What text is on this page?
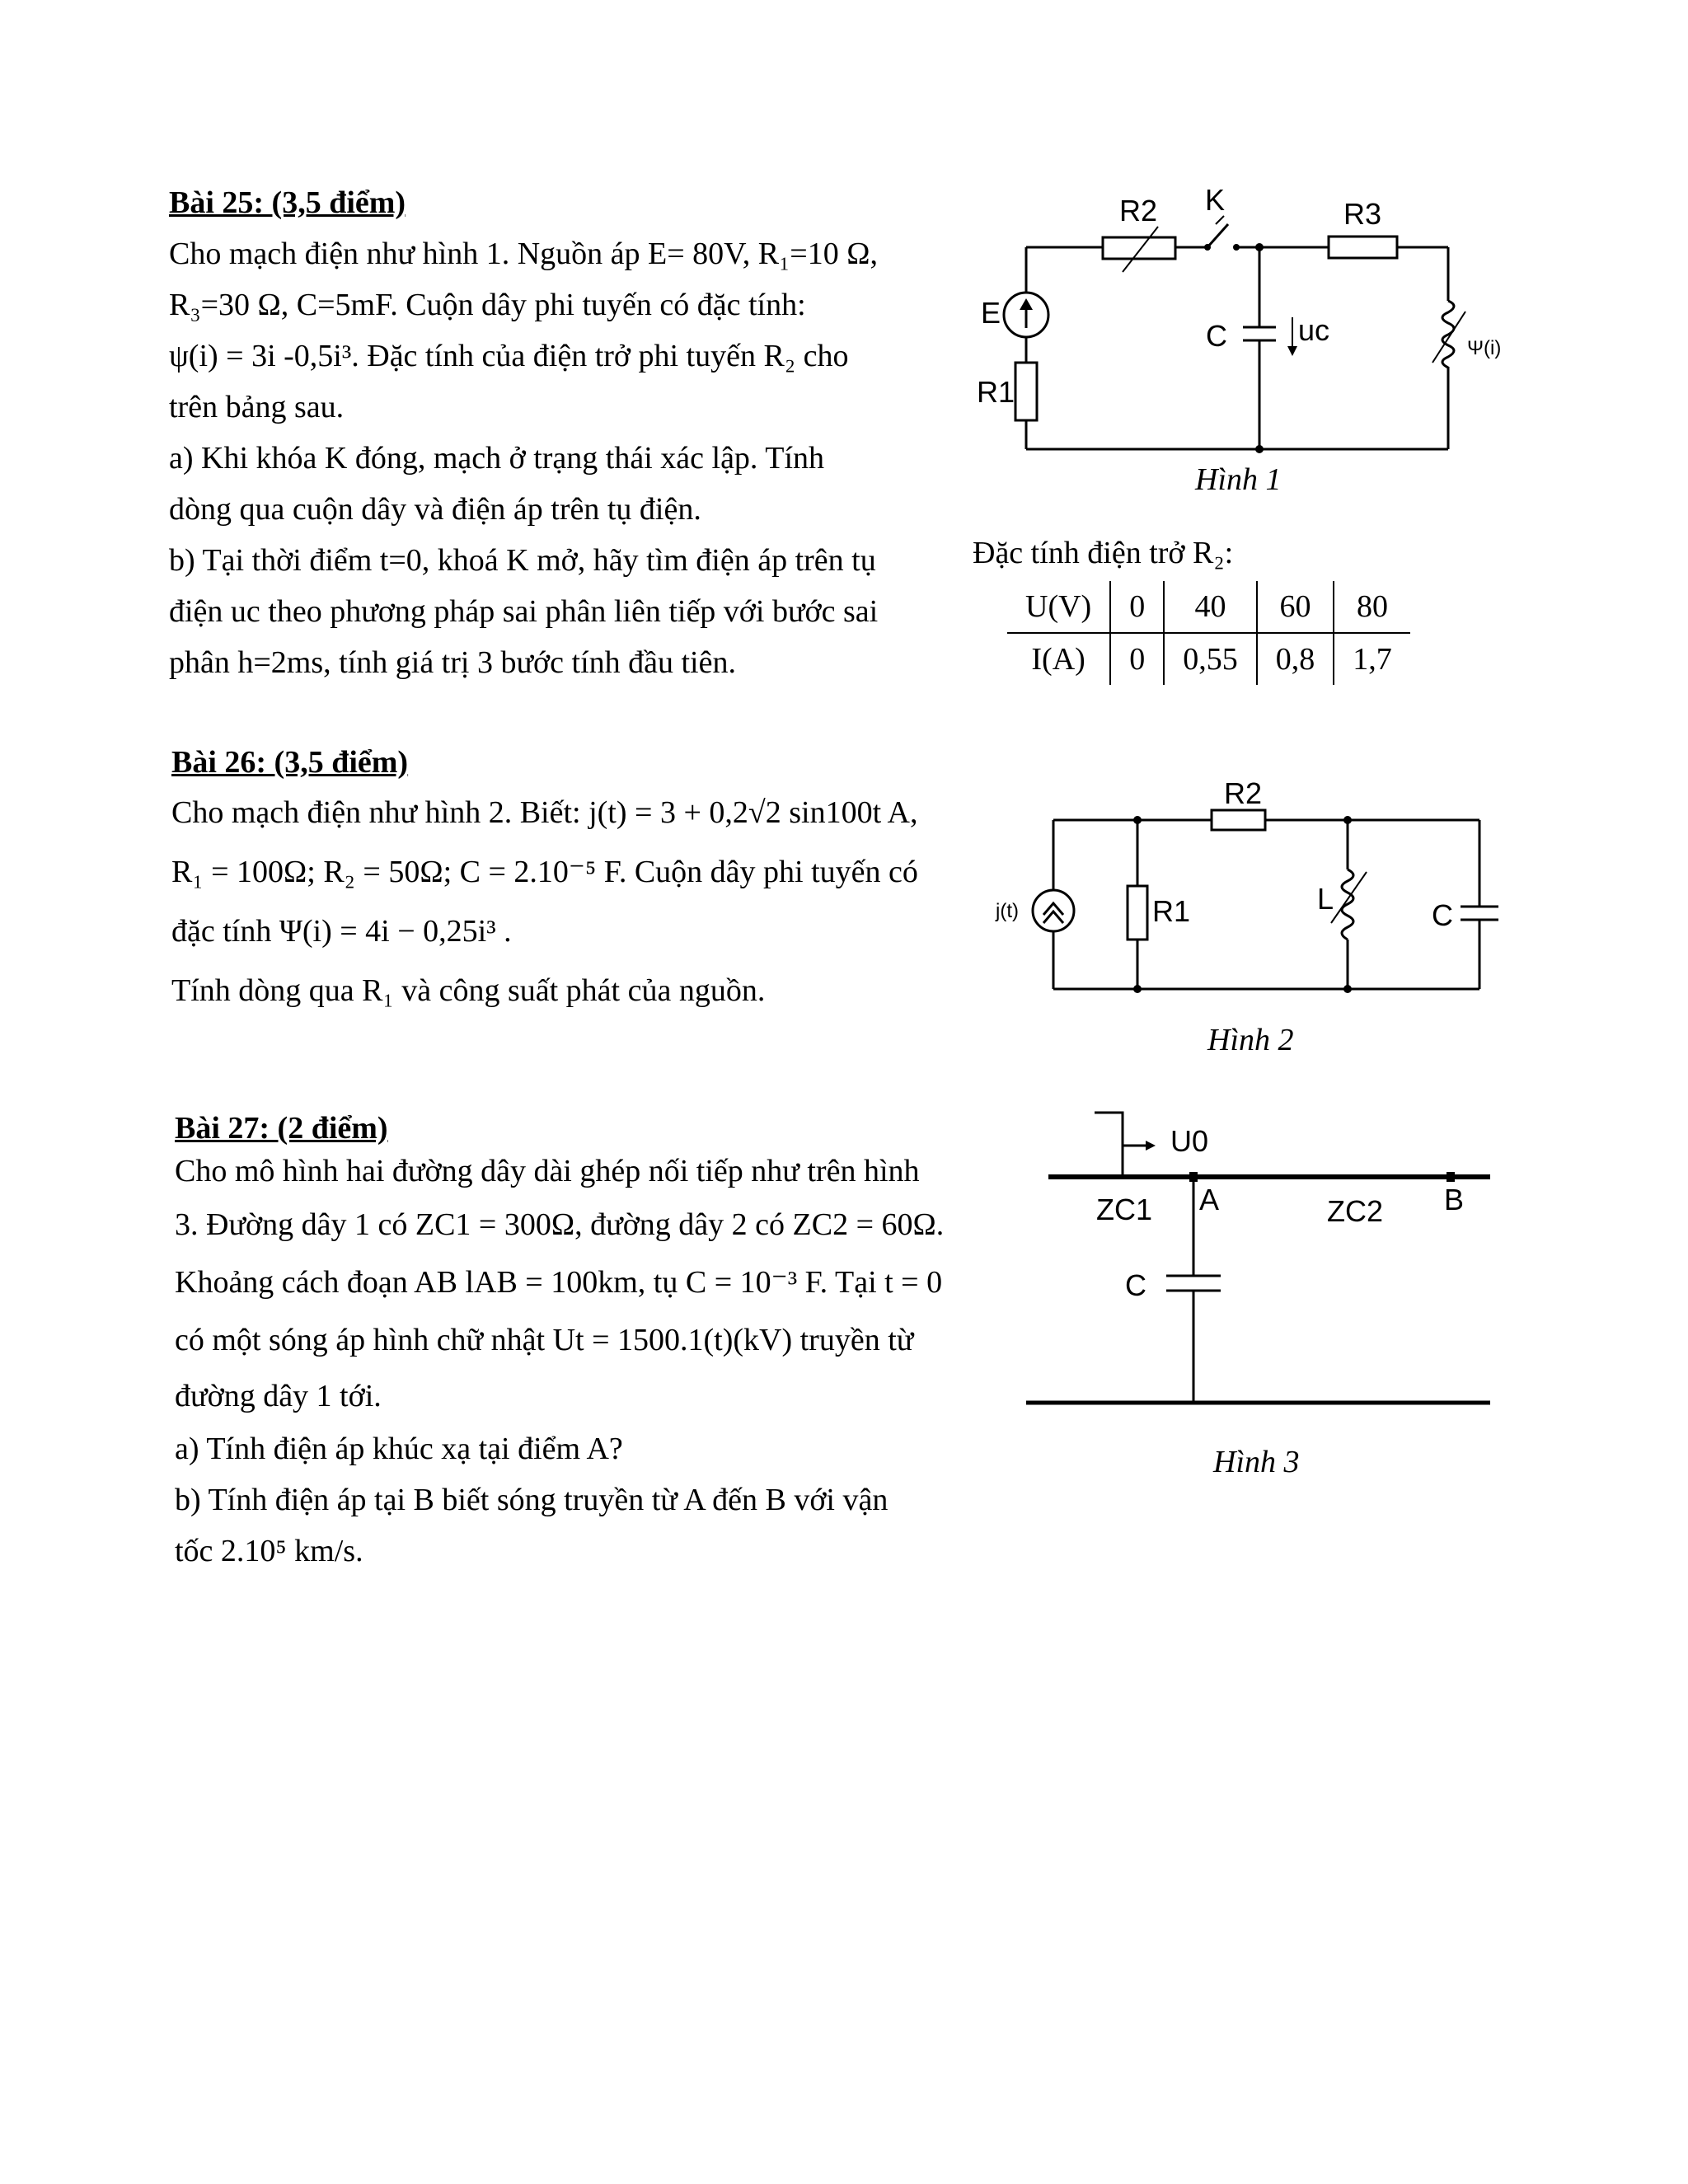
Bài 25: (3,5 điểm)
Cho mạch điện như hình 1. Nguồn áp E= 80V, R₁=10 Ω,
R₃=30 Ω, C=5mF. Cuộn dây phi tuyến có đặc tính:
ψ(i) = 3i -0,5i³. Đặc tính của điện trở phi tuyến R₂ cho
trên bảng sau.
a) Khi khóa K đóng, mạch ở trạng thái xác lập. Tính
dòng qua cuộn dây và điện áp trên tụ điện.
b) Tại thời điểm t=0, khoá K mở, hãy tìm điện áp trên tụ
điện uc theo phương pháp sai phân liên tiếp với bước sai
phân h=2ms, tính giá trị 3 bước tính đầu tiên.
E
R1
R2 K	R3
C uc
Ψ(i)
Hình 1
Đặc tính điện trở R₂:
U(V)	0	40	60	80
I(A)	0	0,55	0,8	1,7
Bài 26: (3,5 điểm)
Cho mạch điện như hình 2. Biết: j(t) = 3 + 0,2√2 sin100t A,
R₁ = 100Ω; R₂ = 50Ω; C = 2.10⁻⁵ F. Cuộn dây phi tuyến có
đặc tính Ψ(i) = 4i − 0,25i³ .
Tính dòng qua R₁ và công suất phát của nguồn.
j(t)	R1
R2
L	C
Hình 2
Bài 27: (2 điểm)
Cho mô hình hai đường dây dài ghép nối tiếp như trên hình
3. Đường dây 1 có ZC1 = 300Ω, đường dây 2 có ZC2 = 60Ω.
Khoảng cách đoạn AB lAB = 100km, tụ C = 10⁻³ F. Tại t = 0
có một sóng áp hình chữ nhật Ut = 1500.1(t)(kV) truyền từ
đường dây 1 tới.
a) Tính điện áp khúc xạ tại điểm A?
b) Tính điện áp tại B biết sóng truyền từ A đến B với vận
tốc 2.10⁵ km/s.
U0
ZC1 A	ZC2 B
C
Hình 3
